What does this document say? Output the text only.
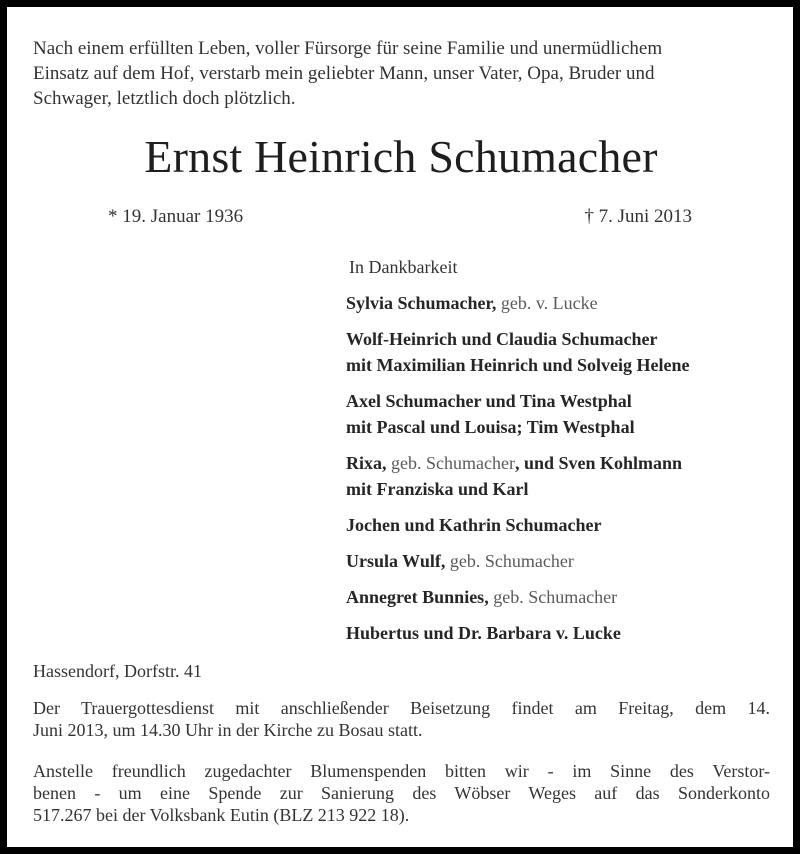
Nach einem erfüllten Leben, voller Fürsorge für seine Familie und unermüdlichem
Einsatz auf dem Hof, verstarb mein geliebter Mann, unser Vater, Opa, Bruder und
Schwager, letztlich doch plötzlich.
Ernst Heinrich Schumacher
* 19. Januar 1936	† 7. Juni 2013
In Dankbarkeit
Sylvia Schumacher, geb. v. Lucke
Wolf-Heinrich und Claudia Schumacher
mit Maximilian Heinrich und Solveig Helene
Axel Schumacher und Tina Westphal
mit Pascal und Louisa; Tim Westphal
Rixa, geb. Schumacher, und Sven Kohlmann
mit Franziska und Karl
Jochen und Kathrin Schumacher
Ursula Wulf, geb. Schumacher
Annegret Bunnies, geb. Schumacher
Hubertus und Dr. Barbara v. Lucke
Hassendorf, Dorfstr. 41
Der Trauergottesdienst mit anschließender Beisetzung findet am Freitag, dem 14.
Juni 2013, um 14.30 Uhr in der Kirche zu Bosau statt.
Anstelle freundlich zugedachter Blumenspenden bitten wir - im Sinne des Verstor-
benen - um eine Spende zur Sanierung des Wöbser Weges auf das Sonderkonto
517.267 bei der Volksbank Eutin (BLZ 213 922 18).
